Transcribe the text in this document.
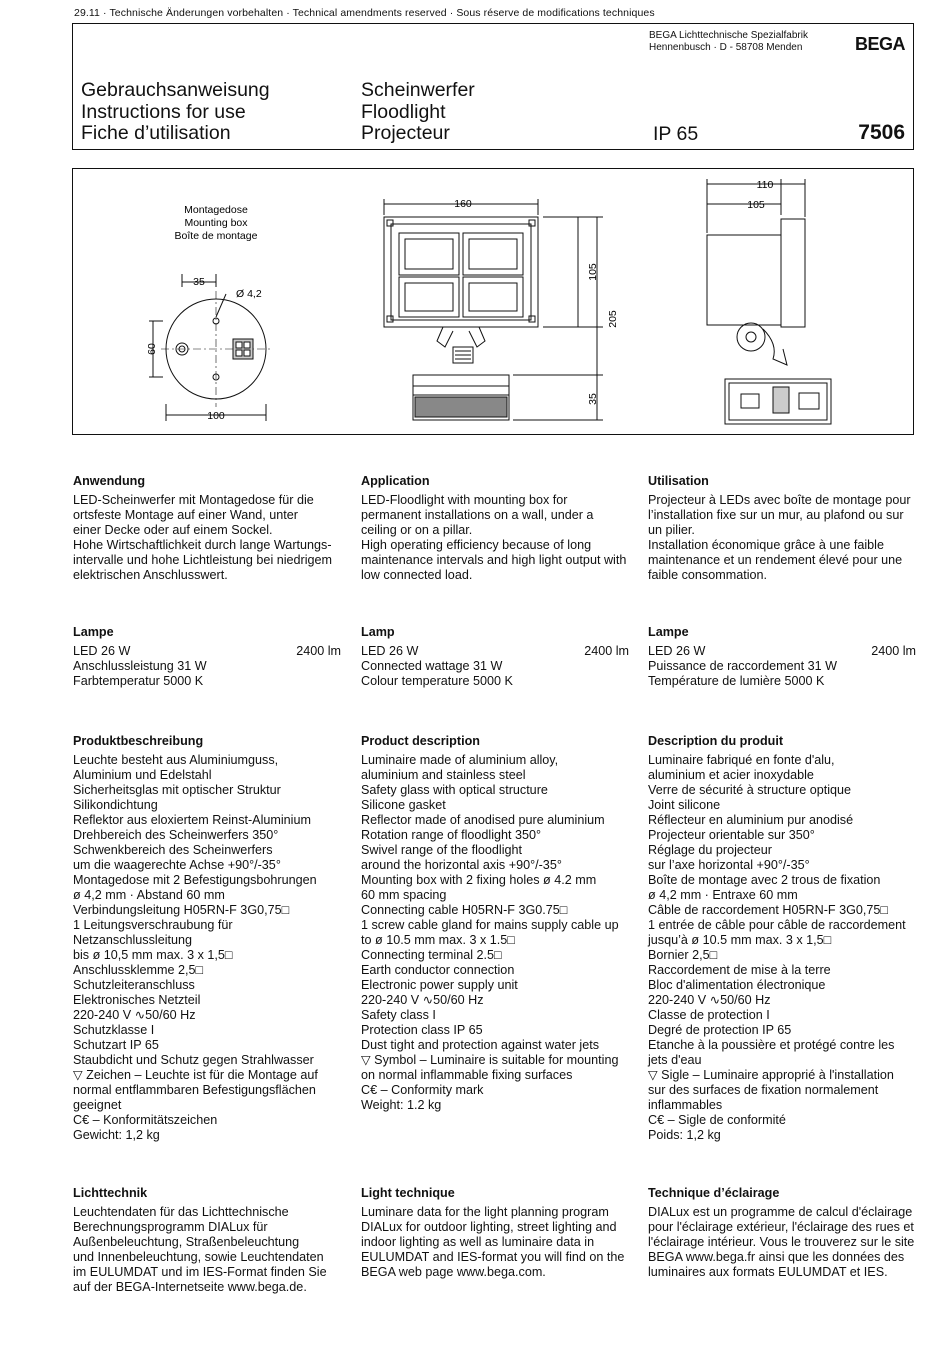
29.11 · Technische Änderungen vorbehalten · Technical amendments reserved · Sous réserve de modifications techniques
BEGA Lichttechnische Spezialfabrik
Hennenbusch · D - 58708 Menden	BEGA
Gebrauchsanweisung
Instructions for use
Fiche d’utilisation
Scheinwerfer
Floodlight
Projecteur	IP 65	7506
Montagedose
Mounting box
Boîte de montage
35
Ø 4,2
60
100
160
105
205
35
110
105
Anwendung

LED-Scheinwerfer mit Montagedose für die
ortsfeste Montage auf einer Wand, unter
einer Decke oder auf einem Sockel.
Hohe Wirtschaftlichkeit durch lange Wartungs-
intervalle und hohe Lichtleistung bei niedrigem
elektrischen Anschlusswert.

Application

LED-Floodlight with mounting box for
permanent installations on a wall, under a
ceiling or on a pillar.
High operating efficiency because of long
maintenance intervals and high light output with
low connected load.

Utilisation

Projecteur à LEDs avec boîte de montage pour
l’installation fixe sur un mur, au plafond ou sur
un pilier.
Installation économique grâce à une faible
maintenance et un rendement élevé pour une
faible consommation.

Lampe
LED 26 W	2400 lm

Anschlussleistung 31 W
Farbtemperatur 5000 K

Lamp
LED 26 W	2400 lm

Connected wattage 31 W
Colour temperature 5000 K

Lampe
LED 26 W	2400 lm

Puissance de raccordement 31 W
Température de lumière 5000 K

Produktbeschreibung

Leuchte besteht aus Aluminiumguss,
Aluminium und Edelstahl
Sicherheitsglas mit optischer Struktur
Silikondichtung
Reflektor aus eloxiertem Reinst-Aluminium
Drehbereich des Scheinwerfers 350°
Schwenkbereich des Scheinwerfers
um die waagerechte Achse +90°/-35°
Montagedose mit 2 Befestigungsbohrungen
ø 4,2 mm · Abstand 60 mm
Verbindungsleitung H05RN-F 3G0,75□
1 Leitungsverschraubung für
Netzanschlussleitung
bis ø 10,5 mm max. 3 x 1,5□
Anschlussklemme 2,5□
Schutzleiteranschluss
Elektronisches Netzteil
220-240 V ∿50/60 Hz
Schutzklasse I
Schutzart IP 65
Staubdicht und Schutz gegen Strahlwasser
▽ Zeichen – Leuchte ist für die Montage auf
normal entflammbaren Befestigungsflächen
geeignet
C€ – Konformitätszeichen
Gewicht: 1,2 kg

Product description

Luminaire made of aluminium alloy,
aluminium and stainless steel
Safety glass with optical structure
Silicone gasket
Reflector made of anodised pure aluminium
Rotation range of floodlight 350°
Swivel range of the floodlight
around the horizontal axis +90°/-35°
Mounting box with 2 fixing holes ø 4.2 mm
60 mm spacing
Connecting cable H05RN-F 3G0.75□
1 screw cable gland for mains supply cable up
to ø 10.5 mm max. 3 x 1.5□
Connecting terminal 2.5□
Earth conductor connection
Electronic power supply unit
220-240 V ∿50/60 Hz
Safety class I
Protection class IP 65
Dust tight and protection against water jets
▽ Symbol – Luminaire is suitable for mounting
on normal inflammable fixing surfaces
C€ – Conformity mark
Weight: 1.2 kg

Description du produit

Luminaire fabriqué en fonte d'alu,
aluminium et acier inoxydable
Verre de sécurité à structure optique
Joint silicone
Réflecteur en aluminium pur anodisé
Projecteur orientable sur 350°
Réglage du projecteur
sur l’axe horizontal +90°/-35°
Boîte de montage avec 2 trous de fixation
ø 4,2 mm · Entraxe 60 mm
Câble de raccordement H05RN-F 3G0,75□
1 entrée de câble pour câble de raccordement
jusqu’à ø 10.5 mm max. 3 x 1,5□
Bornier 2,5□
Raccordement de mise à la terre
Bloc d'alimentation électronique
220-240 V ∿50/60 Hz
Classe de protection I
Degré de protection IP 65
Etanche à la poussière et protégé contre les
jets d'eau
▽ Sigle – Luminaire approprié à l'installation
sur des surfaces de fixation normalement
inflammables
C€ – Sigle de conformité
Poids: 1,2 kg

Lichttechnik

Leuchtendaten für das Lichttechnische
Berechnungsprogramm DIALux für
Außenbeleuchtung, Straßenbeleuchtung
und Innenbeleuchtung, sowie Leuchtendaten
im EULUMDAT und im IES-Format finden Sie
auf der BEGA-Internetseite www.bega.de.

Light technique

Luminare data for the light planning program
DIALux for outdoor lighting, street lighting and
indoor lighting as well as luminaire data in
EULUMDAT and IES-format you will find on the
BEGA web page www.bega.com.

Technique d’éclairage

DIALux est un programme de calcul d'éclairage
pour l'éclairage extérieur, l'éclairage des rues et
l'éclairage intérieur. Vous le trouverez sur le site
BEGA www.bega.fr ainsi que les données des
luminaires aux formats EULUMDAT et IES.
